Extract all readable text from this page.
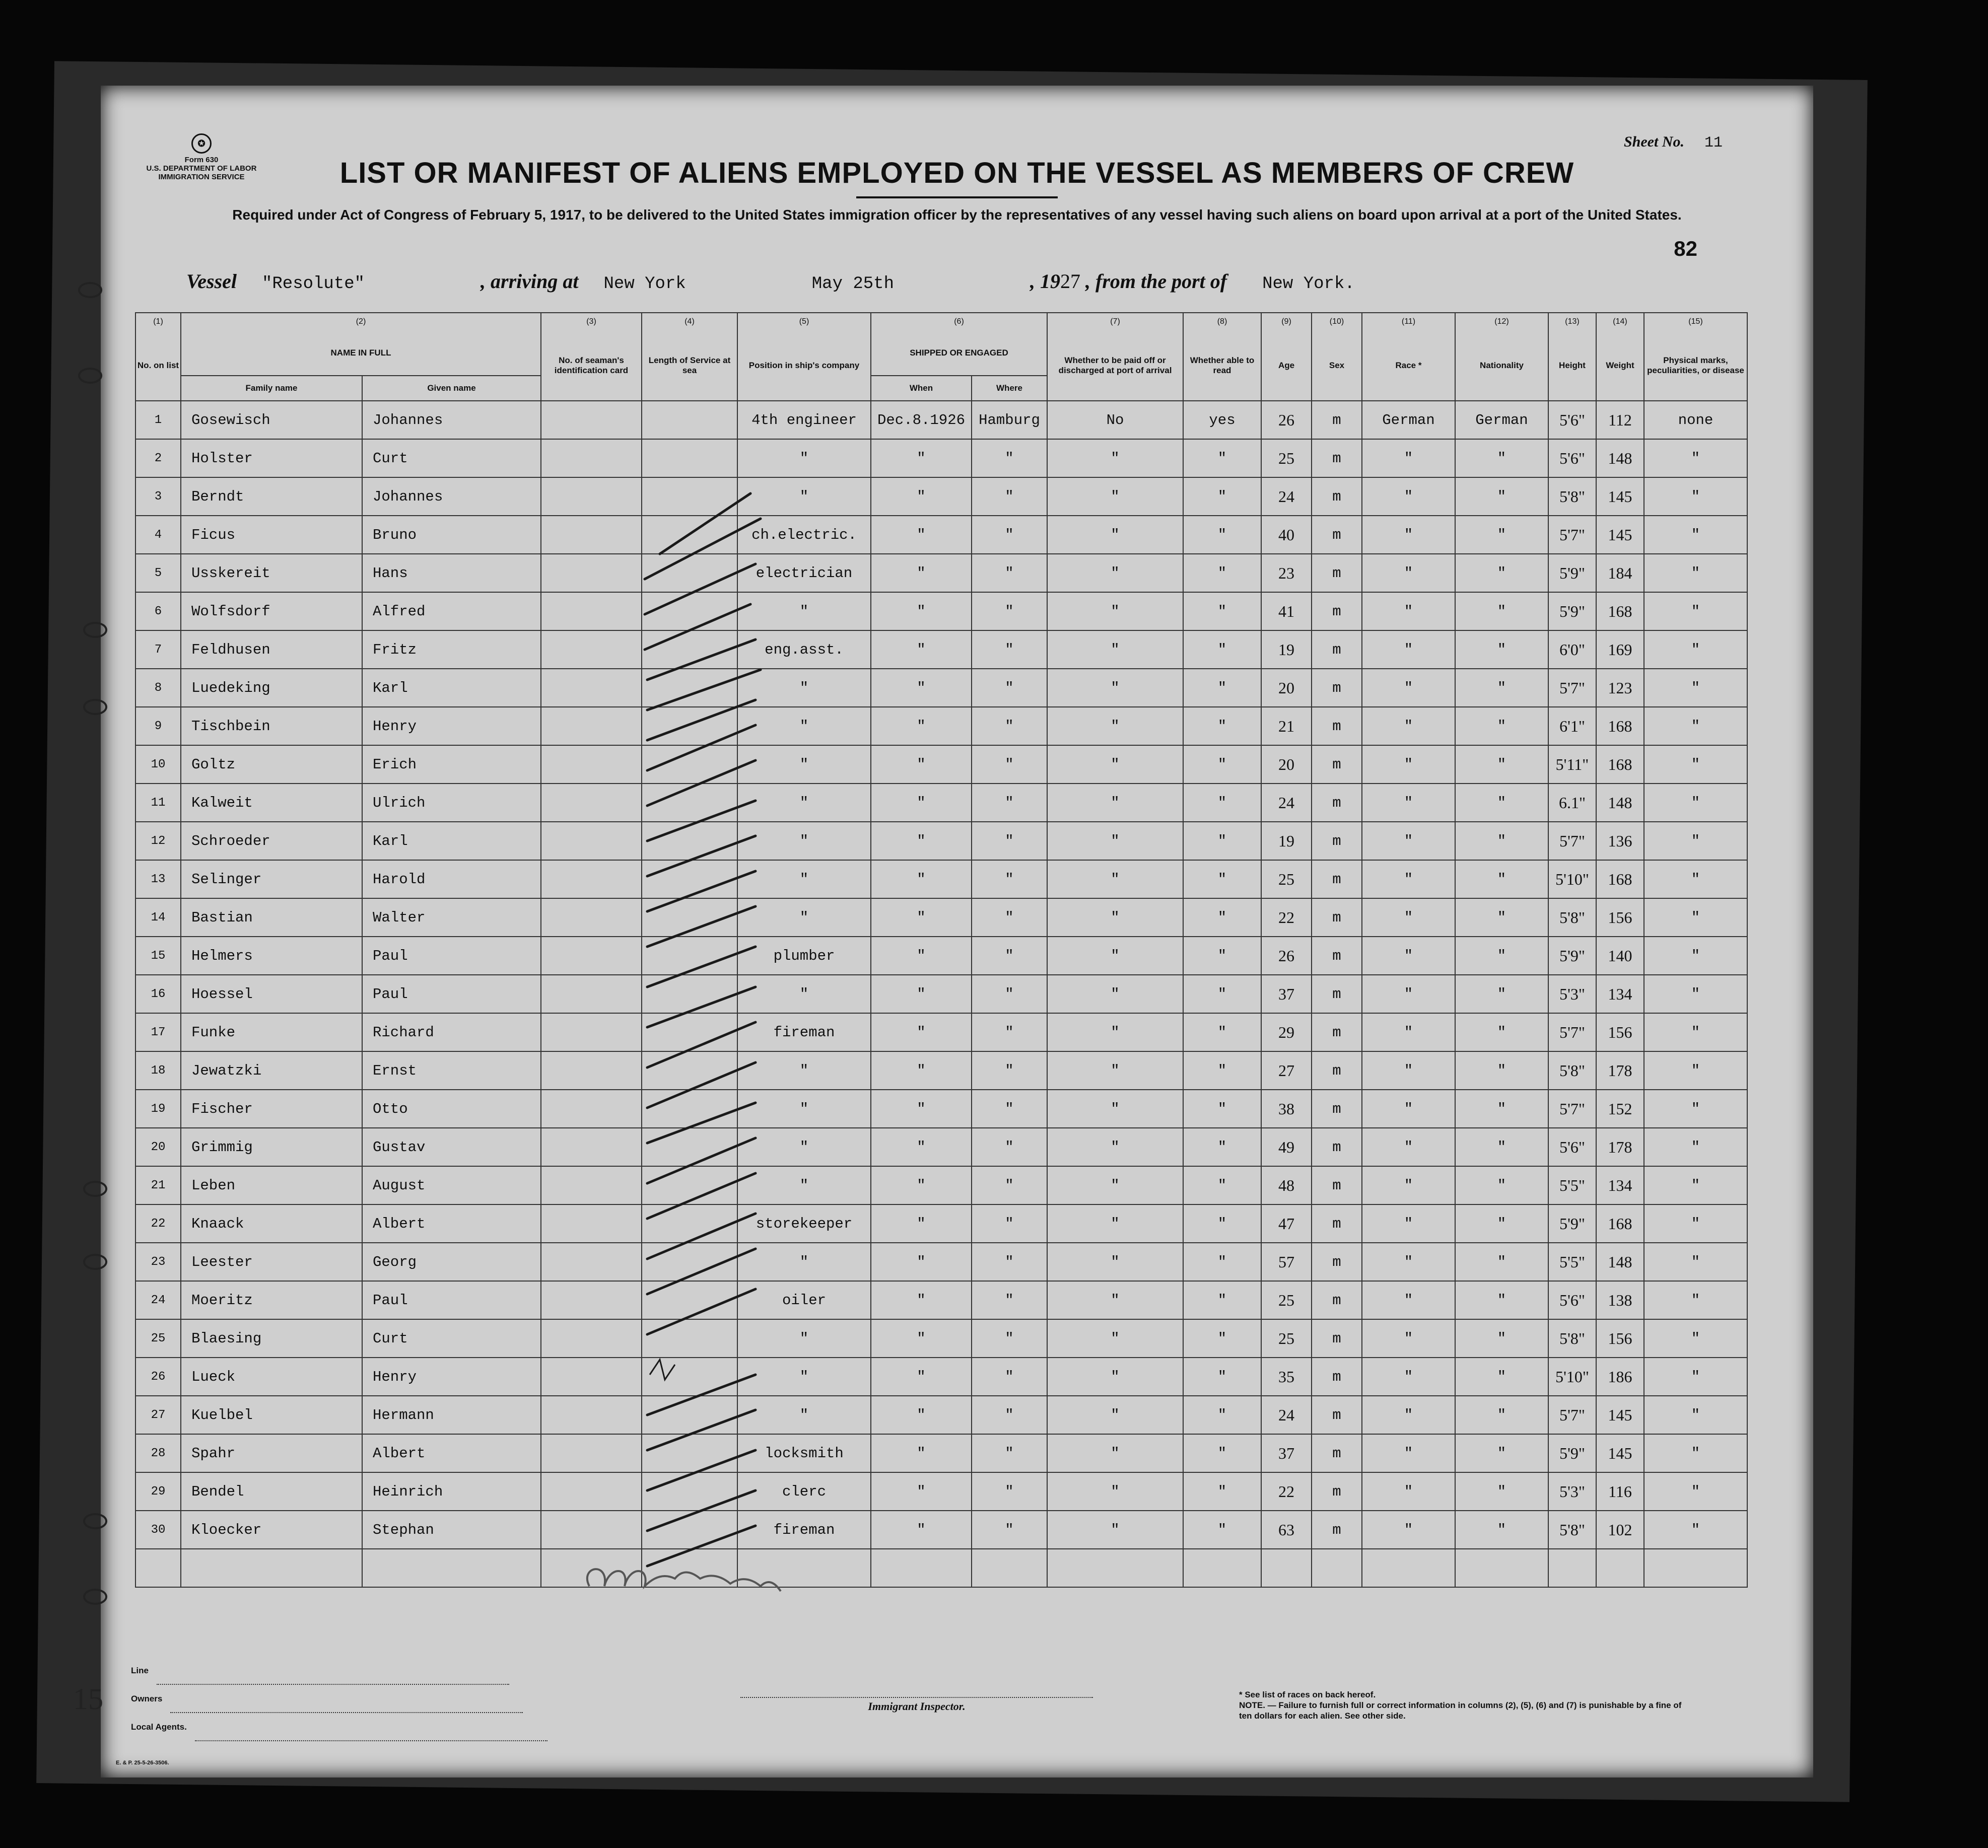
✪
Form 630
U.S. DEPARTMENT OF LABOR
IMMIGRATION SERVICE
Sheet No. 11
82
LIST OR MANIFEST OF ALIENS EMPLOYED ON THE VESSEL AS MEMBERS OF CREW
Required under Act of Congress of February 5, 1917, to be delivered to the United States immigration officer by the representatives of any vessel having such aliens on board upon arrival at a port of the United States.
Vessel "Resolute"	, arriving at New York	May 25th	, 1927 , from the port of New York.
(1)	(2)		(3)	(4)	(5)	(6)		(7)	(8)	(9)	(10)	(11)	(12)	(13)	(14)	(15)
No. on list	NAME IN FULL		No. of seaman's identification card	Length of Service at sea	Position in ship's company	SHIPPED OR ENGAGED		Whether to be paid off or discharged at port of arrival	Whether able to read	Age	Sex	Race *	Nationality	Height	Weight	Physical marks, peculiarities, or disease
	Family name	Given name				When	Where									
1	Gosewisch	Johannes			4th engineer	Dec.8.1926	Hamburg	No	yes	26	m	German	German	5'6"	112	none
2	Holster	Curt			"	"	"	"	"	25	m	"	"	5'6"	148	"
3	Berndt	Johannes			"	"	"	"	"	24	m	"	"	5'8"	145	"
4	Ficus	Bruno			ch.electric.	"	"	"	"	40	m	"	"	5'7"	145	"
5	Usskereit	Hans			electrician	"	"	"	"	23	m	"	"	5'9"	184	"
6	Wolfsdorf	Alfred			"	"	"	"	"	41	m	"	"	5'9"	168	"
7	Feldhusen	Fritz			eng.asst.	"	"	"	"	19	m	"	"	6'0"	169	"
8	Luedeking	Karl			"	"	"	"	"	20	m	"	"	5'7"	123	"
9	Tischbein	Henry			"	"	"	"	"	21	m	"	"	6'1"	168	"
10	Goltz	Erich			"	"	"	"	"	20	m	"	"	5'11"	168	"
11	Kalweit	Ulrich			"	"	"	"	"	24	m	"	"	6.1"	148	"
12	Schroeder	Karl			"	"	"	"	"	19	m	"	"	5'7"	136	"
13	Selinger	Harold			"	"	"	"	"	25	m	"	"	5'10"	168	"
14	Bastian	Walter			"	"	"	"	"	22	m	"	"	5'8"	156	"
15	Helmers	Paul			plumber	"	"	"	"	26	m	"	"	5'9"	140	"
16	Hoessel	Paul			"	"	"	"	"	37	m	"	"	5'3"	134	"
17	Funke	Richard			fireman	"	"	"	"	29	m	"	"	5'7"	156	"
18	Jewatzki	Ernst			"	"	"	"	"	27	m	"	"	5'8"	178	"
19	Fischer	Otto			"	"	"	"	"	38	m	"	"	5'7"	152	"
20	Grimmig	Gustav			"	"	"	"	"	49	m	"	"	5'6"	178	"
21	Leben	August			"	"	"	"	"	48	m	"	"	5'5"	134	"
22	Knaack	Albert			storekeeper	"	"	"	"	47	m	"	"	5'9"	168	"
23	Leester	Georg			"	"	"	"	"	57	m	"	"	5'5"	148	"
24	Moeritz	Paul			oiler	"	"	"	"	25	m	"	"	5'6"	138	"
25	Blaesing	Curt			"	"	"	"	"	25	m	"	"	5'8"	156	"
26	Lueck	Henry			"	"	"	"	"	35	m	"	"	5'10"	186	"
27	Kuelbel	Hermann			"	"	"	"	"	24	m	"	"	5'7"	145	"
28	Spahr	Albert			locksmith	"	"	"	"	37	m	"	"	5'9"	145	"
29	Bendel	Heinrich			clerc	"	"	"	"	22	m	"	"	5'3"	116	"
30	Kloecker	Stephan			fireman	"	"	"	"	63	m	"	"	5'8"	102	"

Line
Owners
Local Agents.
Immigrant Inspector.
* See list of races on back hereof.
NOTE. — Failure to furnish full or correct information in columns (2), (5), (6) and (7) is punishable by a fine of ten dollars for each alien. See other side.
E. & P. 25-5-26-3506.
15
